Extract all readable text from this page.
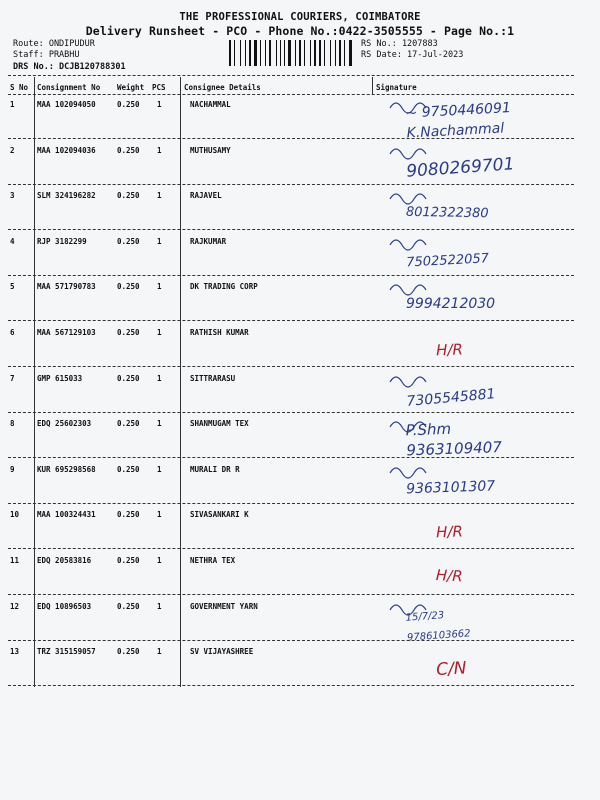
THE PROFESSIONAL COURIERS, COIMBATORE
Delivery Runsheet - PCO - Phone No.:0422-3505555 - Page No.:1
Route: ONDIPUDUR
Staff: PRABHU
DRS No.: DCJB120788301
RS No.: 1207883
RS Date: 17-Jul-2023
S No Consignment No Weight PCS Consignee Details	Signature
1	MAA 102094050	0.250 1	NACHAMMAL	~ 9750446091
K.Nachammal
2	MAA 102094036	0.250 1	MUTHUSAMY
9080269701
3	SLM 324196282	0.250 1	RAJAVEL
8012322380
4	RJP 3182299	0.250 1	RAJKUMAR
7502522057
5	MAA 571790783	0.250 1	DK TRADING CORP
9994212030
6	MAA 567129103	0.250 1	RATHISH KUMAR
H/R
7	GMP 615033	0.250 1	SITTRARASU
7305545881
8	EDQ 25602303	0.250 1	SHANMUGAM TEX	P.Shm
9363109407
9	KUR 695298568	0.250 1	MURALI DR R
9363101307
10 MAA 100324431	0.250 1	SIVASANKARI K
H/R
11 EDQ 20583816	0.250 1	NETHRA TEX
H/R
12 EDQ 10896503	0.250 1	GOVERNMENT YARN
15/7/23
9786103662
13 TRZ 315159057	0.250 1	SV VIJAYASHREE
C/N
